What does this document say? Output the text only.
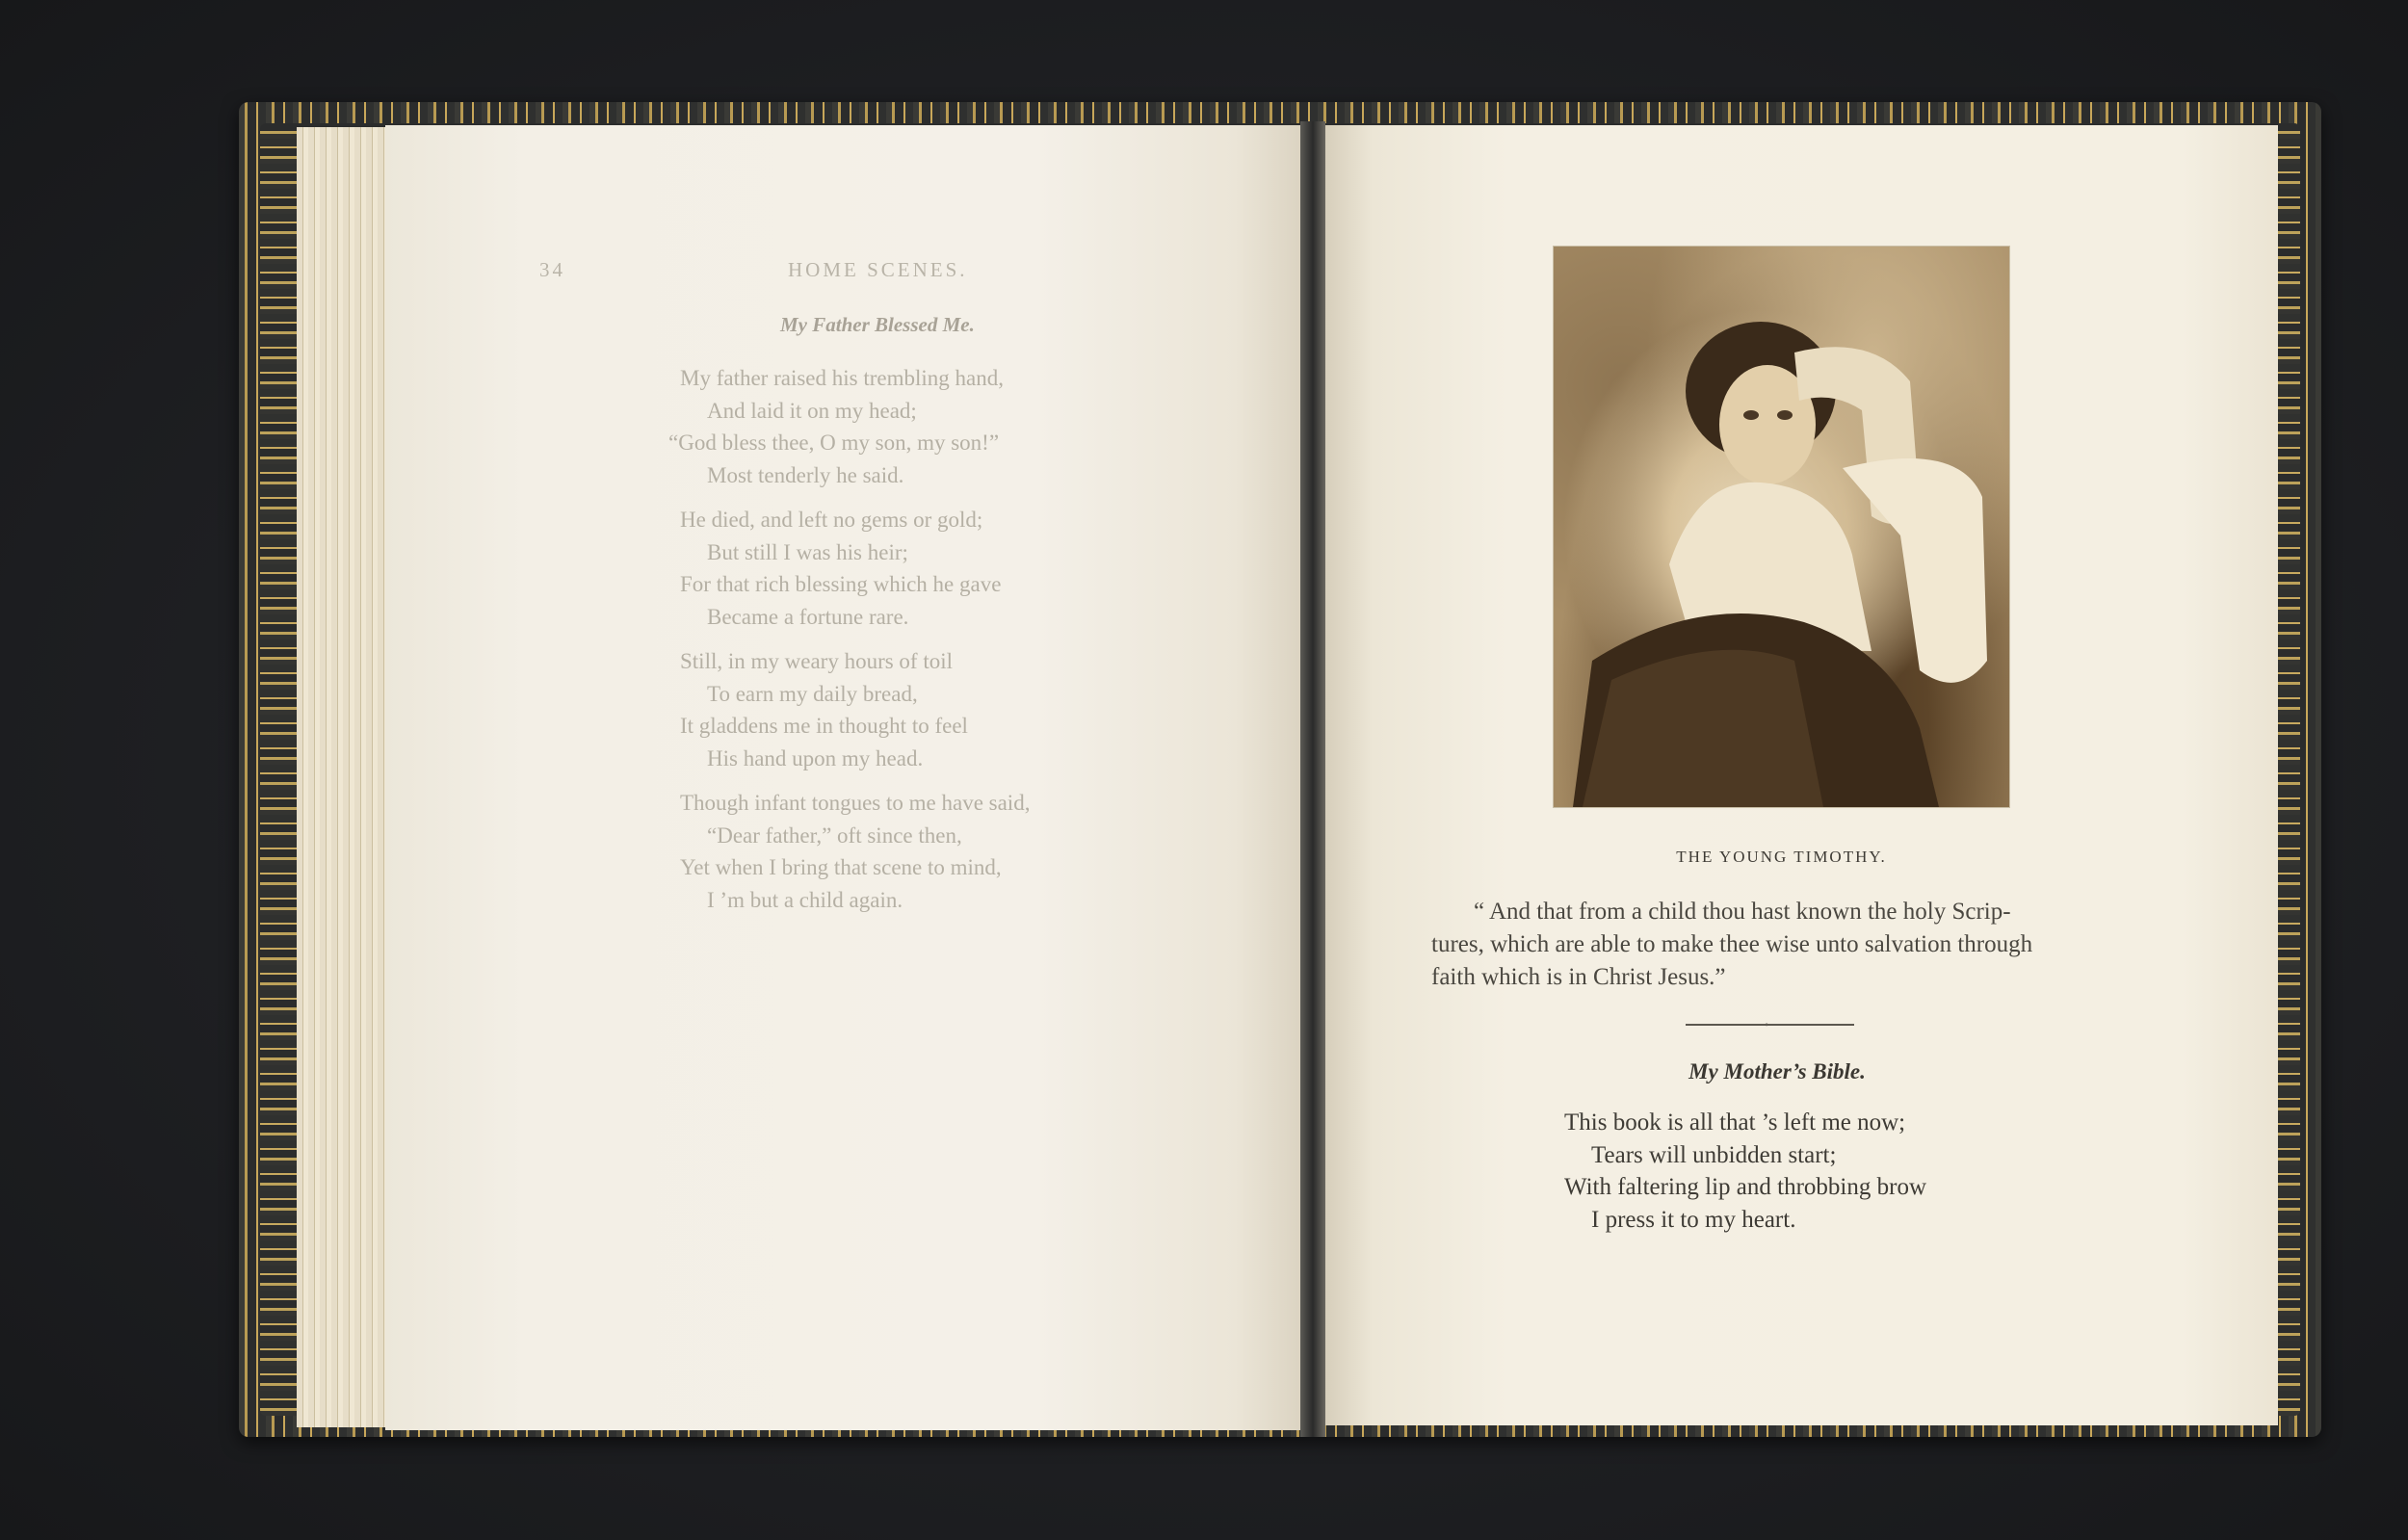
34	HOME SCENES.
My Father Blessed Me.
My father raised his trembling hand,
And laid it on my head;
“God bless thee, O my son, my son!”
Most tenderly he said.
He died, and left no gems or gold;
But still I was his heir;
For that rich blessing which he gave
Became a fortune rare.
Still, in my weary hours of toil
To earn my daily bread,
It gladdens me in thought to feel
His hand upon my head.
Though infant tongues to me have said,
“Dear father,” oft since then,
Yet when I bring that scene to mind,
I ’m but a child again.
THE YOUNG TIMOTHY.
“ And that from a child thou hast known the holy Scrip-
tures, which are able to make thee wise unto salvation through
faith which is in Christ Jesus.”
•
My Mother’s Bible.
This book is all that ’s left me now;
Tears will unbidden start;
With faltering lip and throbbing brow
I press it to my heart.
